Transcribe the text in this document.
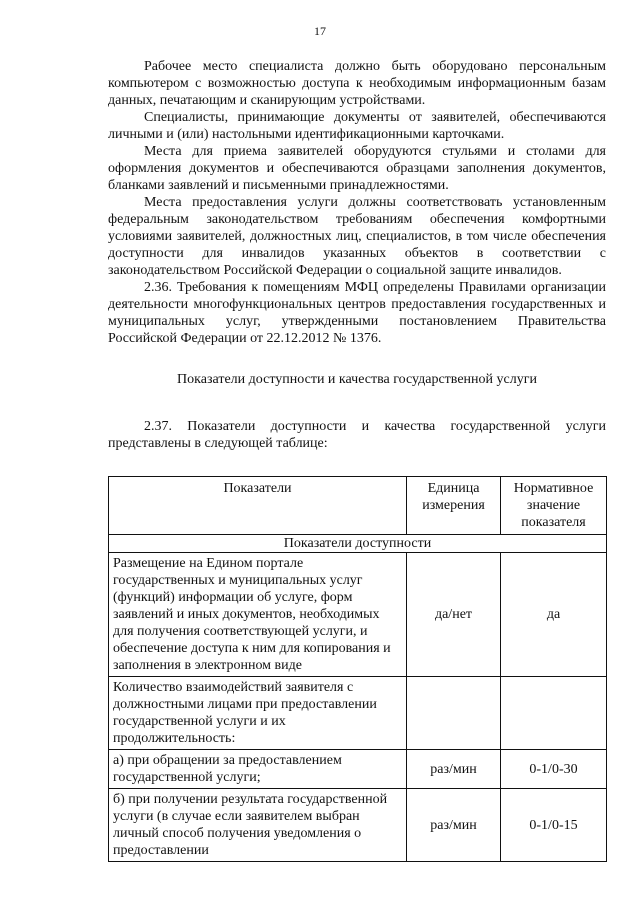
17

Рабочее место специалиста должно быть оборудовано персональным компьютером с возможностью доступа к необходимым информационным базам данных, печатающим и сканирующим устройствами.

Специалисты, принимающие документы от заявителей, обеспечиваются личными и (или) настольными идентификационными карточками.

Места для приема заявителей оборудуются стульями и столами для оформления документов и обеспечиваются образцами заполнения документов, бланками заявлений и письменными принадлежностями.

Места предоставления услуги должны соответствовать установленным федеральным законодательством требованиям обеспечения комфортными условиями заявителей, должностных лиц, специалистов, в том числе обеспечения доступности для инвалидов указанных объектов в соответствии с законодательством Российской Федерации о социальной защите инвалидов.

2.36. Требования к помещениям МФЦ определены Правилами организации деятельности многофункциональных центров предоставления государственных и муниципальных услуг, утвержденными постановлением Правительства Российской Федерации от 22.12.2012 № 1376.

Показатели доступности и качества государственной услуги

2.37. Показатели доступности и качества государственной услуги представлены в следующей таблице:

Показатели	Единица измерения	Нормативное значение показателя
Показатели доступности		
Размещение на Едином портале государственных и муниципальных услуг (функций) информации об услуге, форм заявлений и иных документов, необходимых для получения соответствующей услуги, и обеспечение доступа к ним для копирования и заполнения в электронном виде	да/нет	да
Количество взаимодействий заявителя с должностными лицами при предоставлении государственной услуги и их продолжительность:		
а) при обращении за предоставлением государственной услуги;	раз/мин	0-1/0-30
б) при получении результата государственной услуги (в случае если заявителем выбран личный способ получения уведомления о предоставлении	раз/мин	0-1/0-15
